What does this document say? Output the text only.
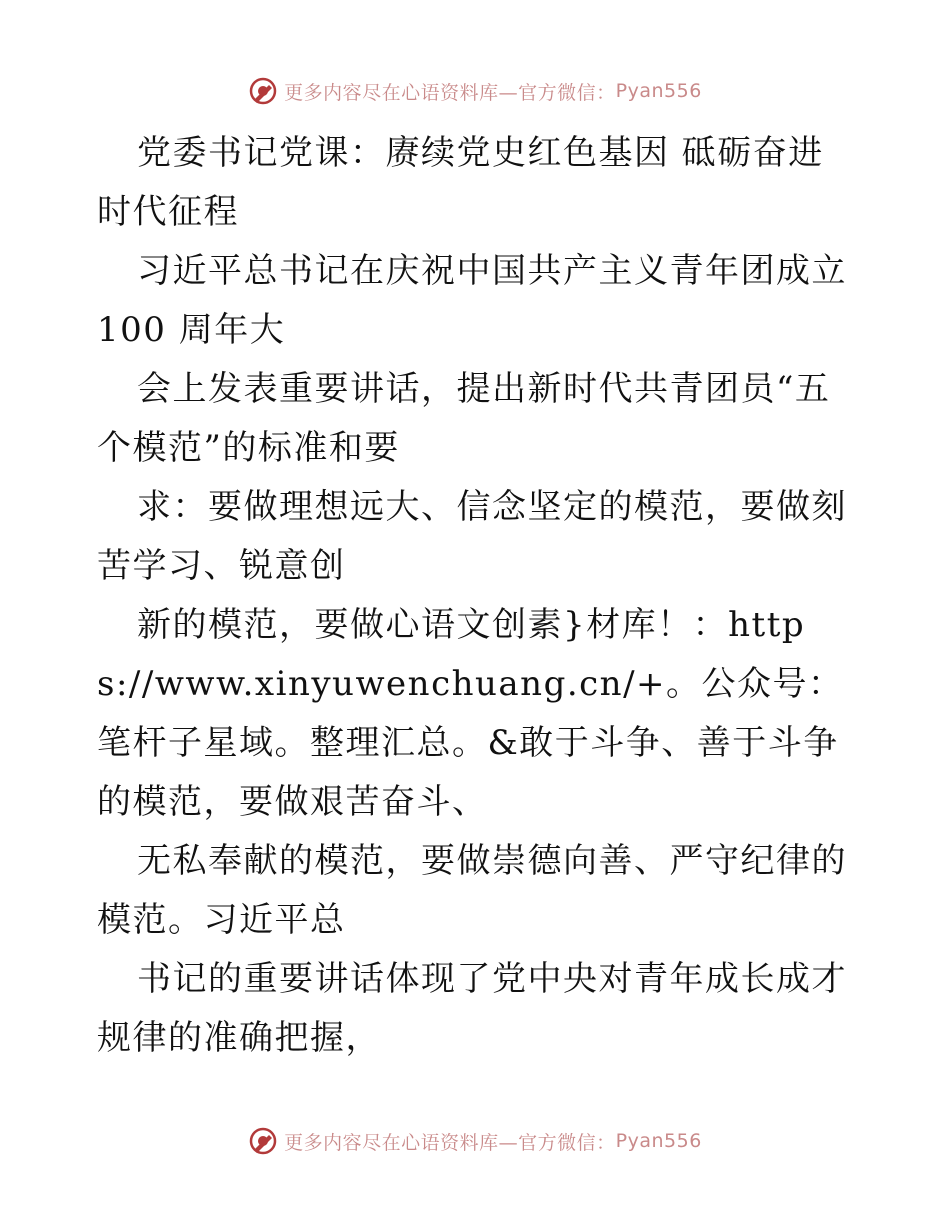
更多内容尽在心语资料库—官方微信： Pyan556

党委书记党课：赓续党史红色基因 砥砺奋进时代征程

习近平总书记在庆祝中国共产主义青年团成立 100 周年大

会上发表重要讲话，提出新时代共青团员“五个模范”的标准和要

求：要做理想远大、信念坚定的模范，要做刻苦学习、锐意创

新的模范，要做心语文创素}材库！：https://www.xinyuwenchuang.cn/+。公众号：笔杆子星域。整理汇总。&敢于斗争、善于斗争的模范，要做艰苦奋斗、

无私奉献的模范，要做崇德向善、严守纪律的模范。习近平总

书记的重要讲话体现了党中央对青年成长成才规律的准确把握，

更多内容尽在心语资料库—官方微信： Pyan556
